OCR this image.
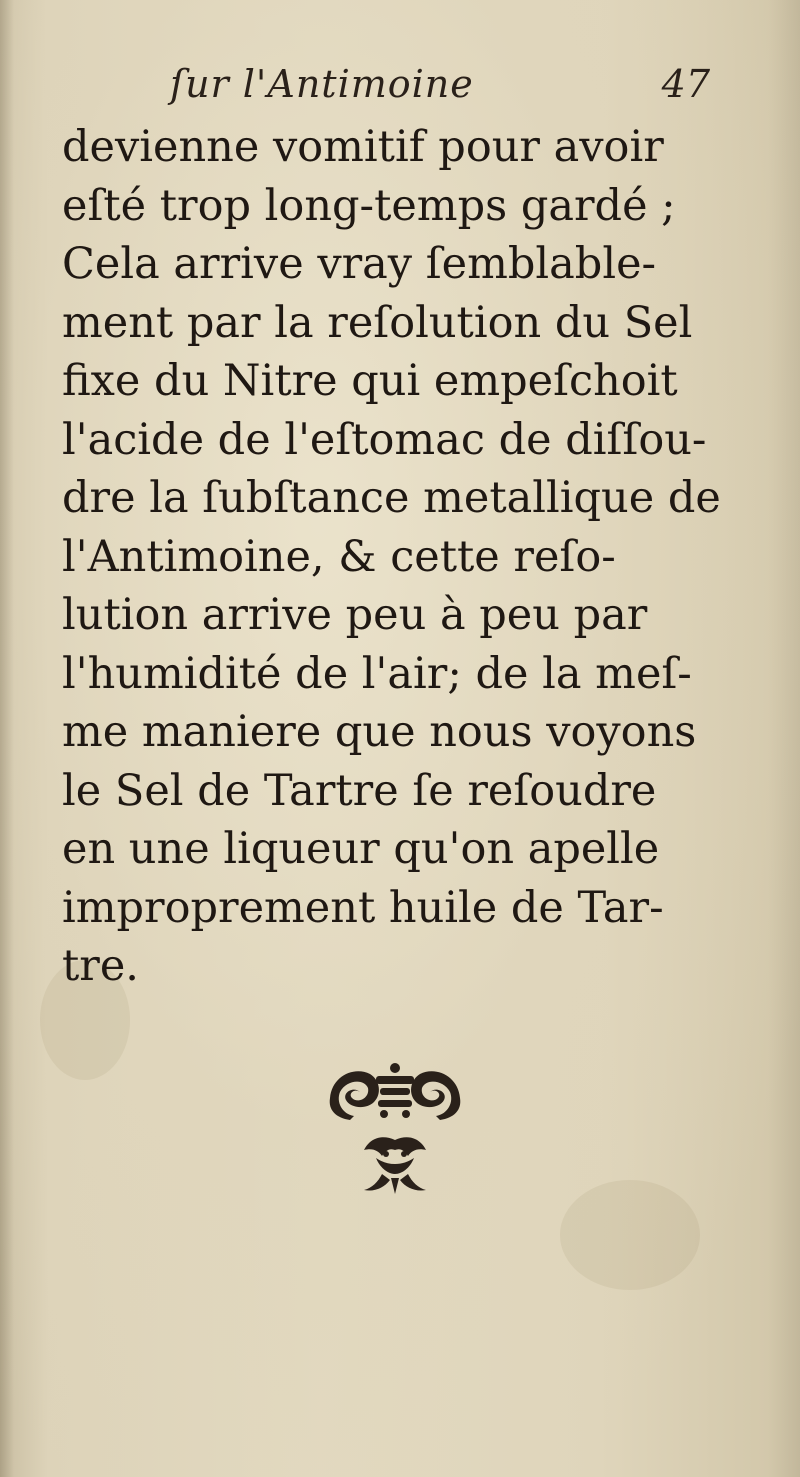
ſur l'Antimoine	47
devienne vomitif pour avoir
eſté trop long-temps gardé ;
Cela arrive vray ſemblable-
ment par la reſolution du Sel
fixe du Nitre qui empeſchoit
l'acide de l'eſtomac de diſſou-
dre la ſubſtance metallique de
l'Antimoine, & cette reſo-
lution arrive peu à peu par
l'humidité de l'air; de la meſ-
me maniere que nous voyons
le Sel de Tartre ſe reſoudre
en une liqueur qu'on apelle
improprement huile de Tar-
tre.
